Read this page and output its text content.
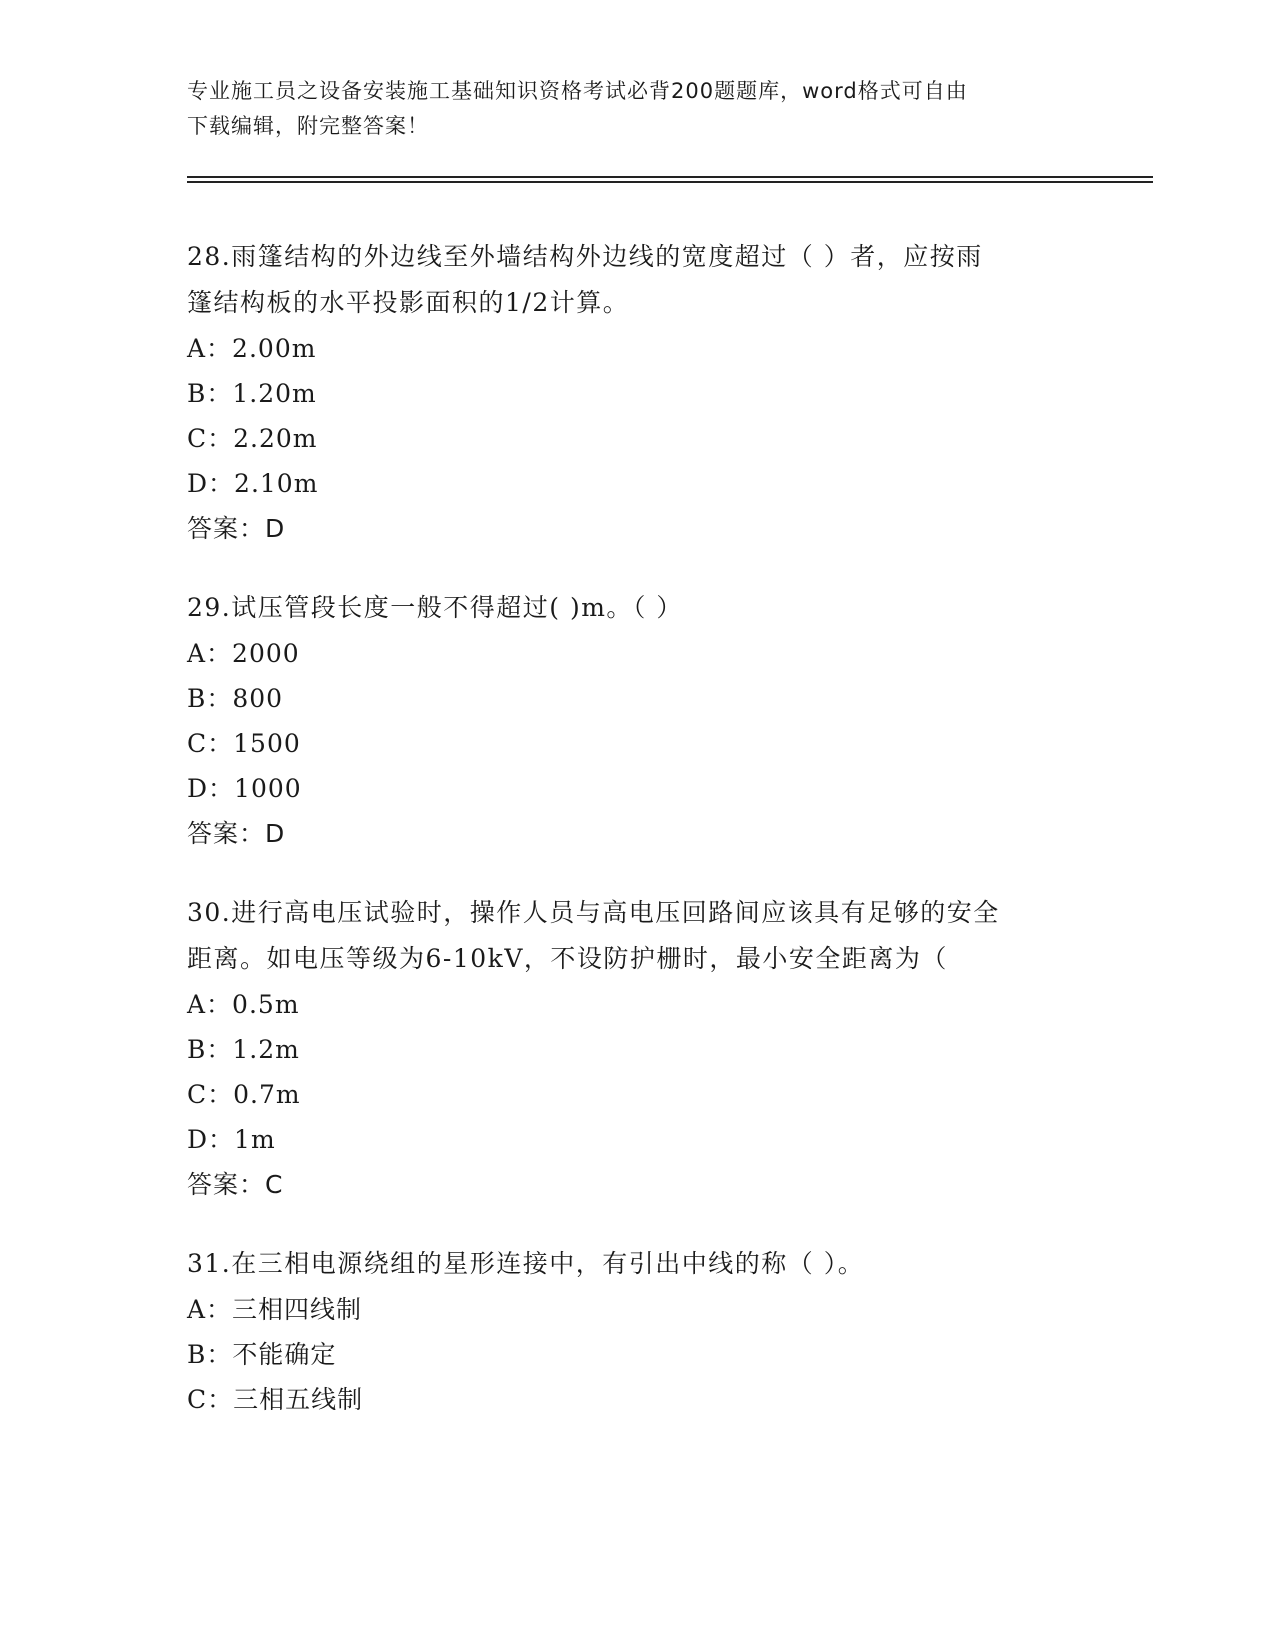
专业施工员之设备安装施工基础知识资格考试必背200题题库，word格式可自由
下载编辑，附完整答案！

28.雨篷结构的外边线至外墙结构外边线的宽度超过（ ）者，应按雨

篷结构板的水平投影面积的1/2计算。

A：2.00m

B：1.20m

C：2.20m

D：2.10m

答案：D

29.试压管段长度一般不得超过( )m。（ ）

A：2000

B：800

C：1500

D：1000

答案：D

30.进行高电压试验时，操作人员与高电压回路间应该具有足够的安全

距离。如电压等级为6-10kV，不设防护栅时，最小安全距离为（

A：0.5m

B：1.2m

C：0.7m

D：1m

答案：C

31.在三相电源绕组的星形连接中，有引出中线的称（ ）。

A：三相四线制

B：不能确定

C：三相五线制
